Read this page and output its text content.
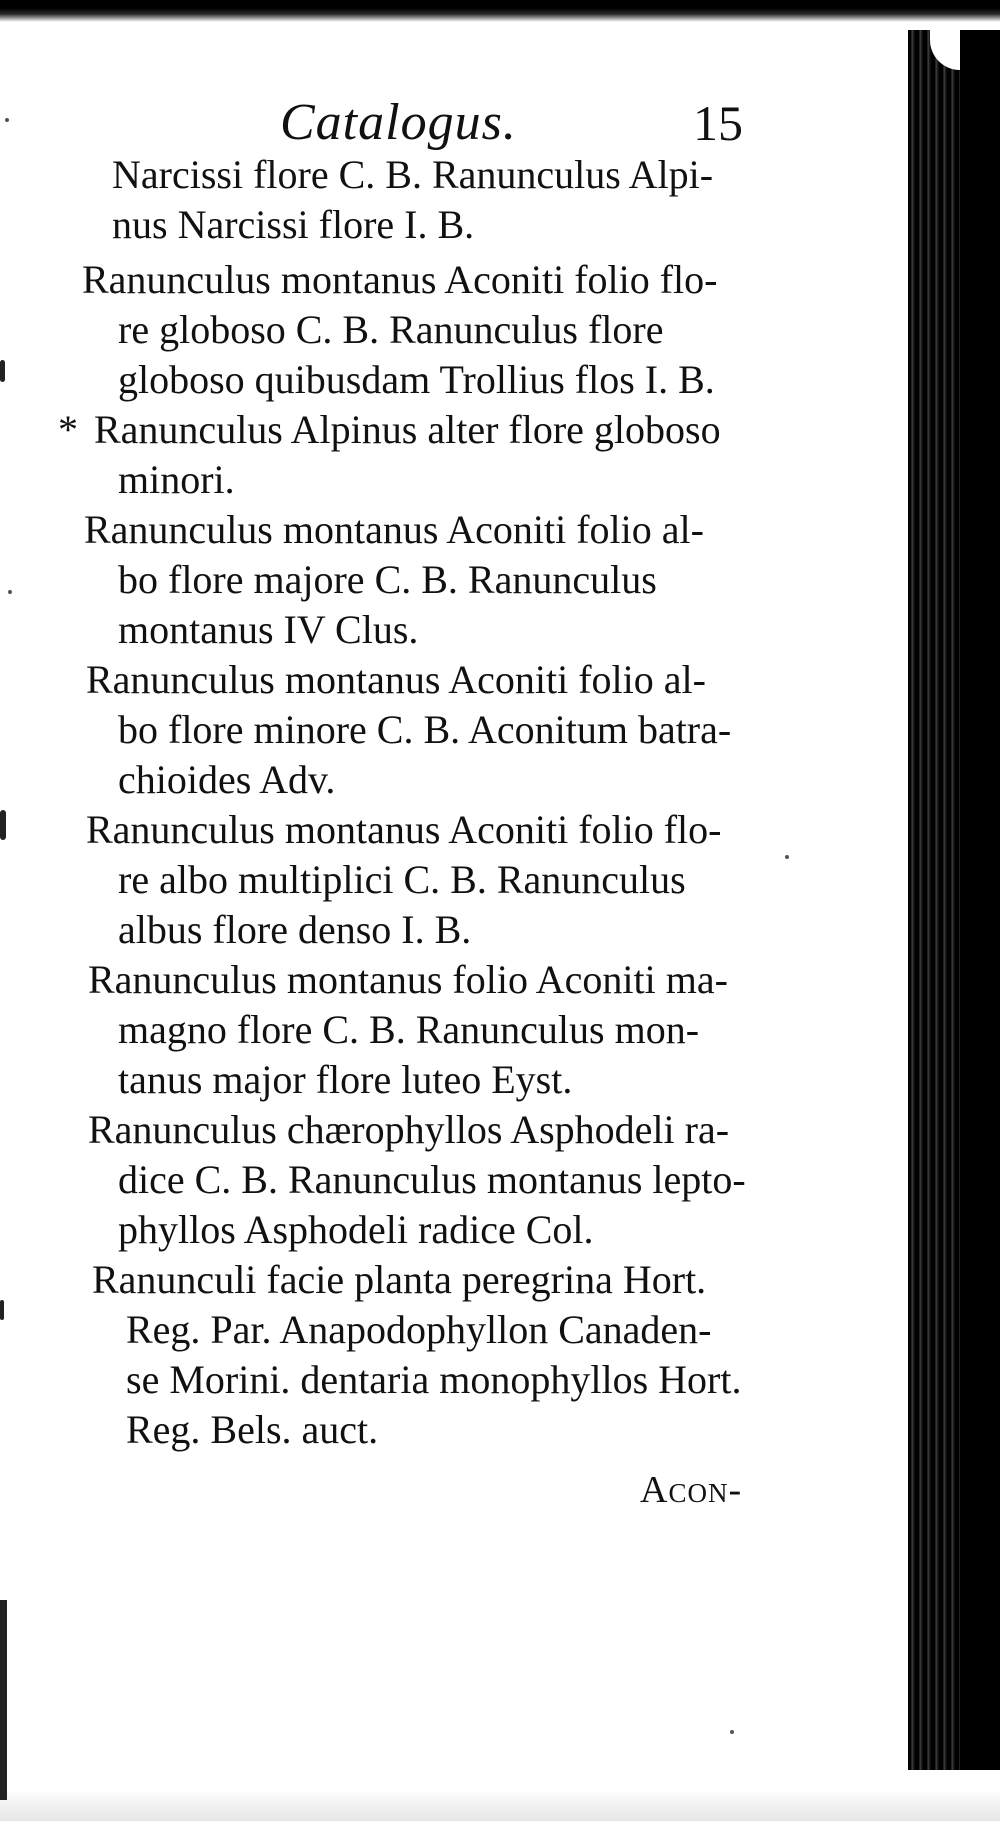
Catalogus.	15
Narcissi flore C. B. Ranunculus Alpi-
nus Narcissi flore I. B.
Ranunculus montanus Aconiti folio flo-
re globoso C. B. Ranunculus flore
globoso quibusdam Trollius flos I. B.
* Ranunculus Alpinus alter flore globoso
minori.
Ranunculus montanus Aconiti folio al-
bo flore majore C. B. Ranunculus
montanus IV Clus.
Ranunculus montanus Aconiti folio al-
bo flore minore C. B. Aconitum batra-
chioides Adv.
Ranunculus montanus Aconiti folio flo-
re albo multiplici C. B. Ranunculus
albus flore denso I. B.
Ranunculus montanus folio Aconiti ma-
magno flore C. B. Ranunculus mon-
tanus major flore luteo Eyst.
Ranunculus chærophyllos Asphodeli ra-
dice C. B. Ranunculus montanus lepto-
phyllos Asphodeli radice Col.
Ranunculi facie planta peregrina Hort.
Reg. Par. Anapodophyllon Canaden-
se Morini. dentaria monophyllos Hort.
Reg. Bels. auct.
Acon-
